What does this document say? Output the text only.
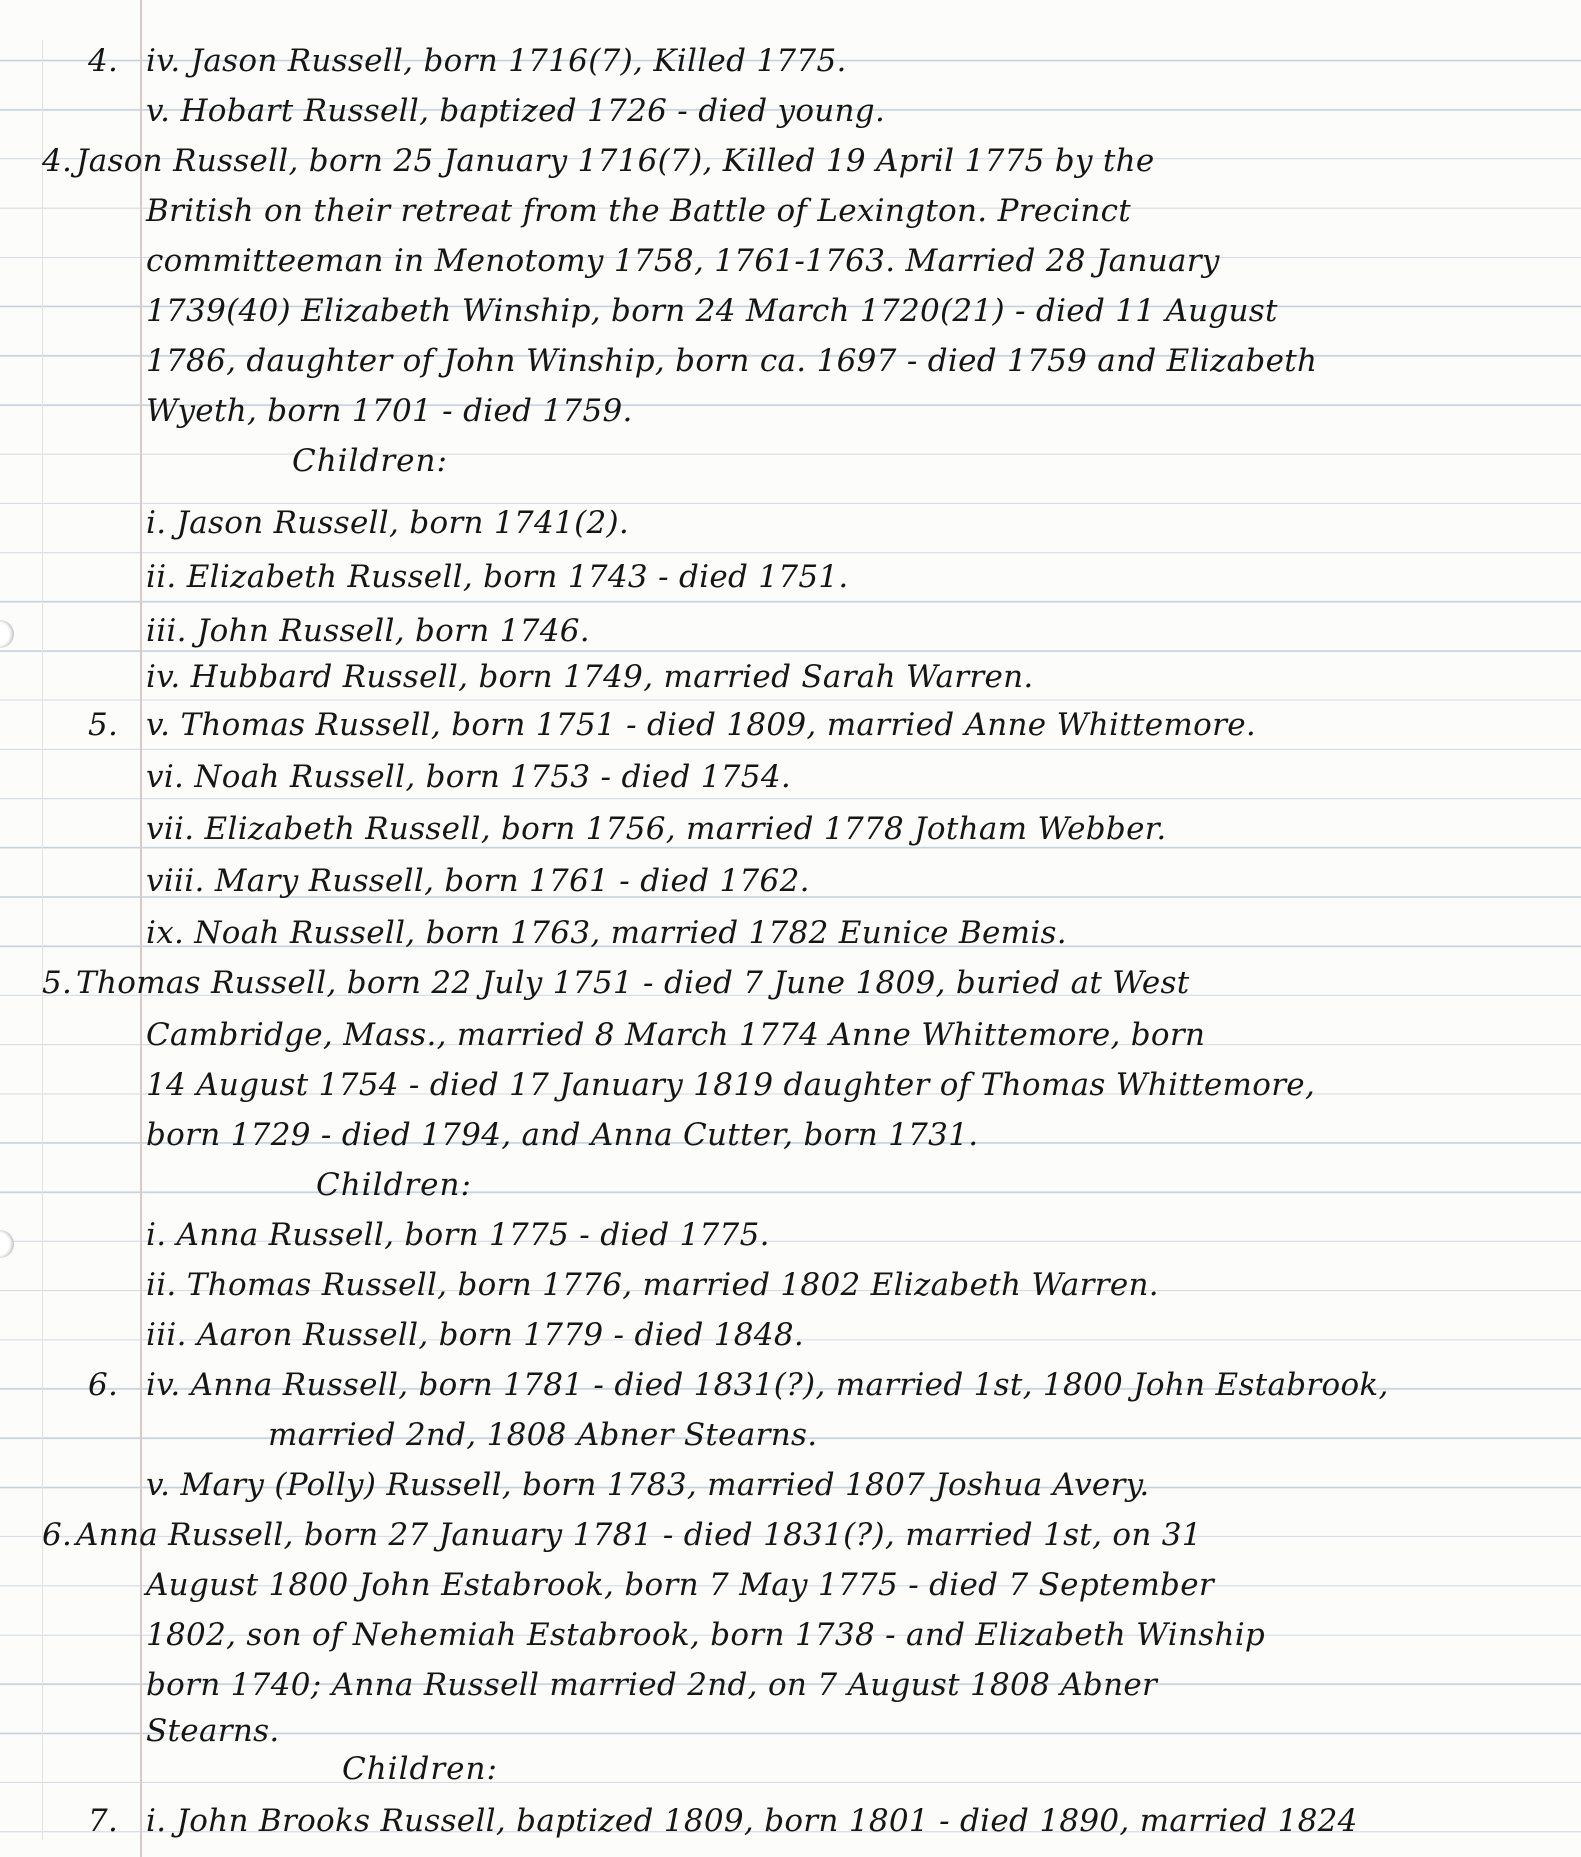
4. iv. Jason Russell, born 1716(7), Killed 1775.
v. Hobart Russell, baptized 1726 - died young.
4. Jason Russell, born 25 January 1716(7), Killed 19 April 1775 by the
British on their retreat from the Battle of Lexington. Precinct
committeeman in Menotomy 1758, 1761-1763. Married 28 January
1739(40) Elizabeth Winship, born 24 March 1720(21) - died 11 August
1786, daughter of John Winship, born ca. 1697 - died 1759 and Elizabeth
Wyeth, born 1701 - died 1759.
Children:
i. Jason Russell, born 1741(2).
ii. Elizabeth Russell, born 1743 - died 1751.
iii. John Russell, born 1746.
iv. Hubbard Russell, born 1749, married Sarah Warren.
5. v. Thomas Russell, born 1751 - died 1809, married Anne Whittemore.
vi. Noah Russell, born 1753 - died 1754.
vii. Elizabeth Russell, born 1756, married 1778 Jotham Webber.
viii. Mary Russell, born 1761 - died 1762.
ix. Noah Russell, born 1763, married 1782 Eunice Bemis.
5. Thomas Russell, born 22 July 1751 - died 7 June 1809, buried at West
Cambridge, Mass., married 8 March 1774 Anne Whittemore, born
14 August 1754 - died 17 January 1819 daughter of Thomas Whittemore,
born 1729 - died 1794, and Anna Cutter, born 1731.
Children:
i. Anna Russell, born 1775 - died 1775.
ii. Thomas Russell, born 1776, married 1802 Elizabeth Warren.
iii. Aaron Russell, born 1779 - died 1848.
6. iv. Anna Russell, born 1781 - died 1831(?), married 1st, 1800 John Estabrook,
married 2nd, 1808 Abner Stearns.
v. Mary (Polly) Russell, born 1783, married 1807 Joshua Avery.
6. Anna Russell, born 27 January 1781 - died 1831(?), married 1st, on 31
August 1800 John Estabrook, born 7 May 1775 - died 7 September
1802, son of Nehemiah Estabrook, born 1738 - and Elizabeth Winship
born 1740; Anna Russell married 2nd, on 7 August 1808 Abner
Stearns.
Children:
7. i. John Brooks Russell, baptized 1809, born 1801 - died 1890, married 1824
